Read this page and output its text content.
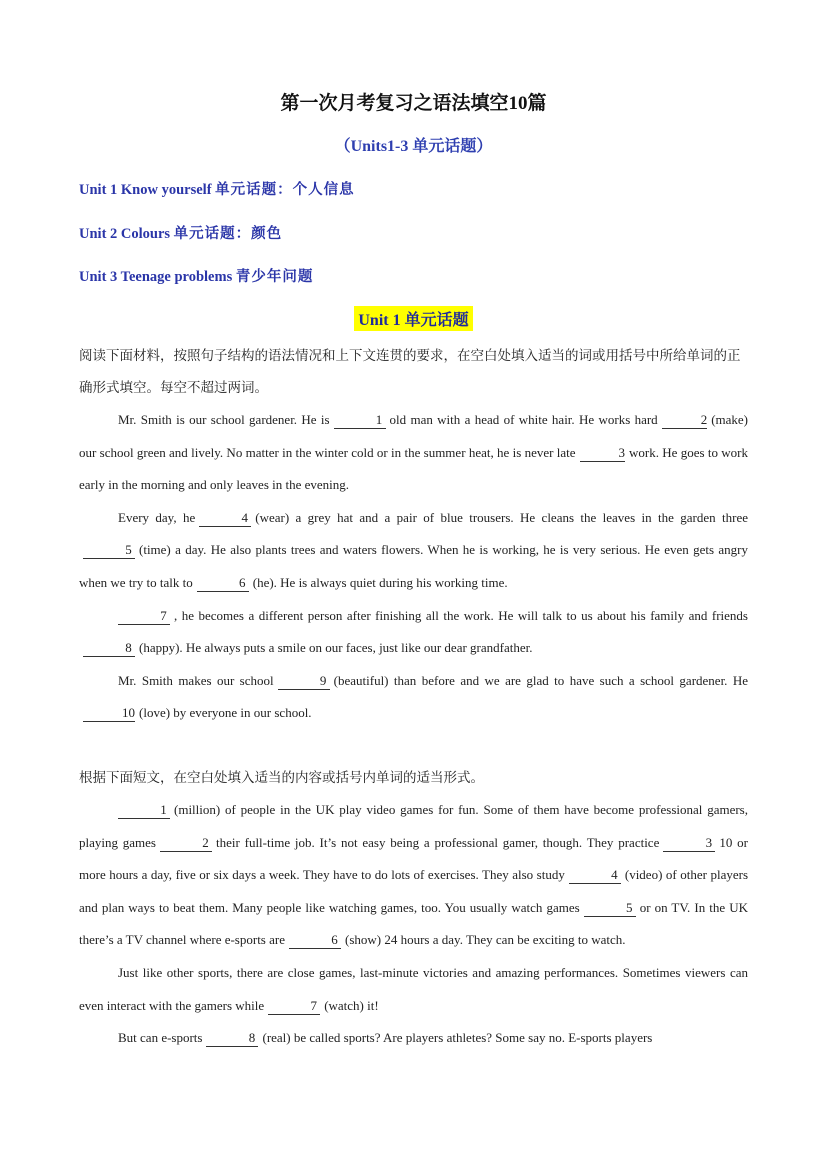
第一次月考复习之语法填空10篇
（Units1-3 单元话题）
Unit 1 Know yourself 单元话题：个人信息
Unit 2 Colours 单元话题：颜色
Unit 3 Teenage problems 青少年问题
Unit 1 单元话题
阅读下面材料，按照句子结构的语法情况和上下文连贯的要求，在空白处填入适当的词或用括号中所给单词的正确形式填空。每空不超过两词。

Mr. Smith is our school gardener. He is	1 old man with a head of white hair. He works hard	2 (make) our school green and lively. No matter in the winter cold or in the summer heat, he is never late	3 work. He goes to work early in the morning and only leaves in the evening.

Every day, he	4 (wear) a grey hat and a pair of blue trousers. He cleans the leaves in the garden three5 (time) a day. He also plants trees and waters flowers. When he is working, he is very serious. He even gets angry when we try to talk to	6 (he). He is always quiet during his working time.

7 , he becomes a different person after finishing all the work. He will talk to us about his family and friends8 (happy). He always puts a smile on our faces, just like our dear grandfather.

Mr. Smith makes our school	9 (beautiful) than before and we are glad to have such a school gardener. He10 (love) by everyone in our school.

根据下面短文，在空白处填入适当的内容或括号内单词的适当形式。

1 (million) of people in the UK play video games for fun. Some of them have become professional gamers, playing games	2 their full-time job. It’s not easy being a professional gamer, though. They practice	3 10 or more hours a day, five or six days a week. They have to do lots of exercises. They also study	4 (video) of other players and plan ways to beat them. Many people like watching games, too. You usually watch games	5 or on TV. In the UK there’s a TV channel where e-sports are	6 (show) 24 hours a day. They can be exciting to watch.

Just like other sports, there are close games, last-minute victories and amazing performances. Sometimes viewers can even interact with the gamers while	7 (watch) it!

But can e-sports	8 (real) be called sports? Are players athletes? Some say no. E-sports players
